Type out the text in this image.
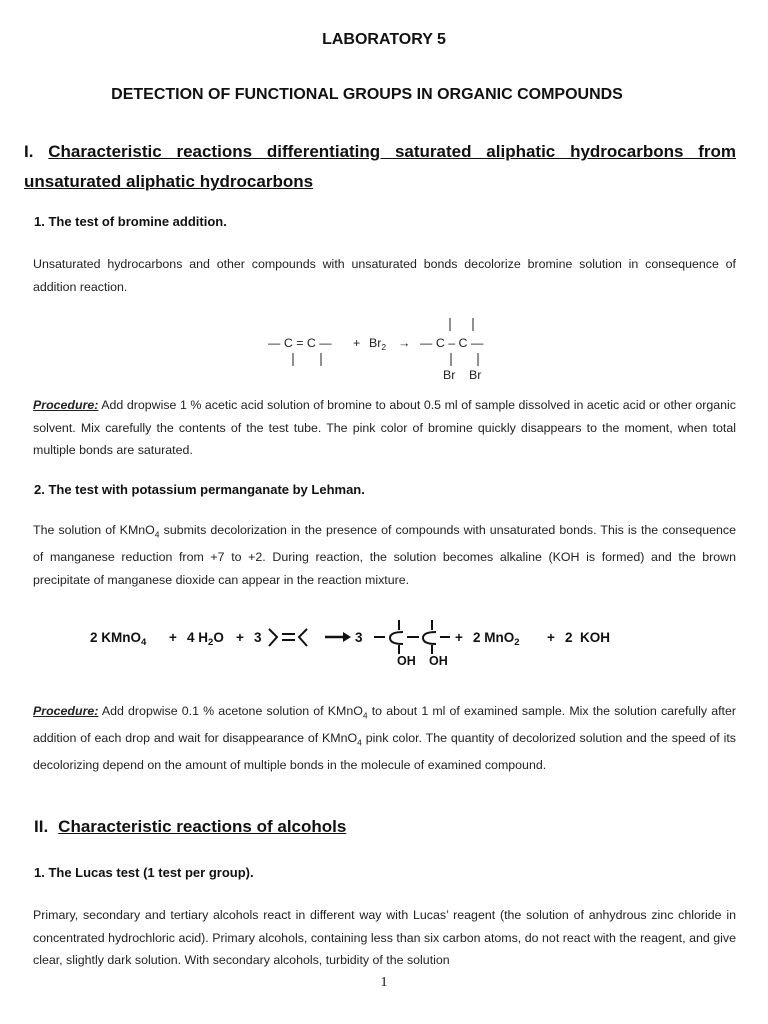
LABORATORY 5
DETECTION OF FUNCTIONAL GROUPS IN ORGANIC COMPOUNDS
I. Characteristic reactions differentiating saturated aliphatic hydrocarbons from unsaturated aliphatic hydrocarbons
1. The test of bromine addition.
Unsaturated hydrocarbons and other compounds with unsaturated bonds decolorize bromine solution in consequence of addition reaction.
— C = C — + $Br_2$ → — C – C —
Br Br
Procedure: Add dropwise 1 % acetic acid solution of bromine to about 0.5 ml of sample dissolved in acetic acid or other organic solvent. Mix carefully the contents of the test tube. The pink color of bromine quickly disappears to the moment, when total multiple bonds are saturated.
2. The test with potassium permanganate by Lehman.
The solution of KMnO$_4$ submits decolorization in the presence of compounds with unsaturated bonds. This is the consequence of manganese reduction from +7 to +2. During reaction, the solution becomes alkaline (KOH is formed) and the brown precipitate of manganese dioxide can appear in the reaction mixture.
2 KMnO$_4$ + 4 $H_2O + 3$	3
OH OH
+ 2 MnO$_2$ + 2  KOH
Procedure: Add dropwise 0.1 % acetone solution of KMnO$_4$ to about 1 ml of examined sample. Mix the solution carefully after addition of each drop and wait for disappearance of KMnO$_4$ pink color. The quantity of decolorized solution and the speed of its decolorizing depend on the amount of multiple bonds in the molecule of examined compound.
II. Characteristic reactions of alcohols
1. The Lucas test (1 test per group).
Primary, secondary and tertiary alcohols react in different way with Lucas’ reagent (the solution of anhydrous zinc chloride in concentrated hydrochloric acid). Primary alcohols, containing less than six carbon atoms, do not react with the reagent, and give clear, slightly dark solution. With secondary alcohols, turbidity of the solution
1
